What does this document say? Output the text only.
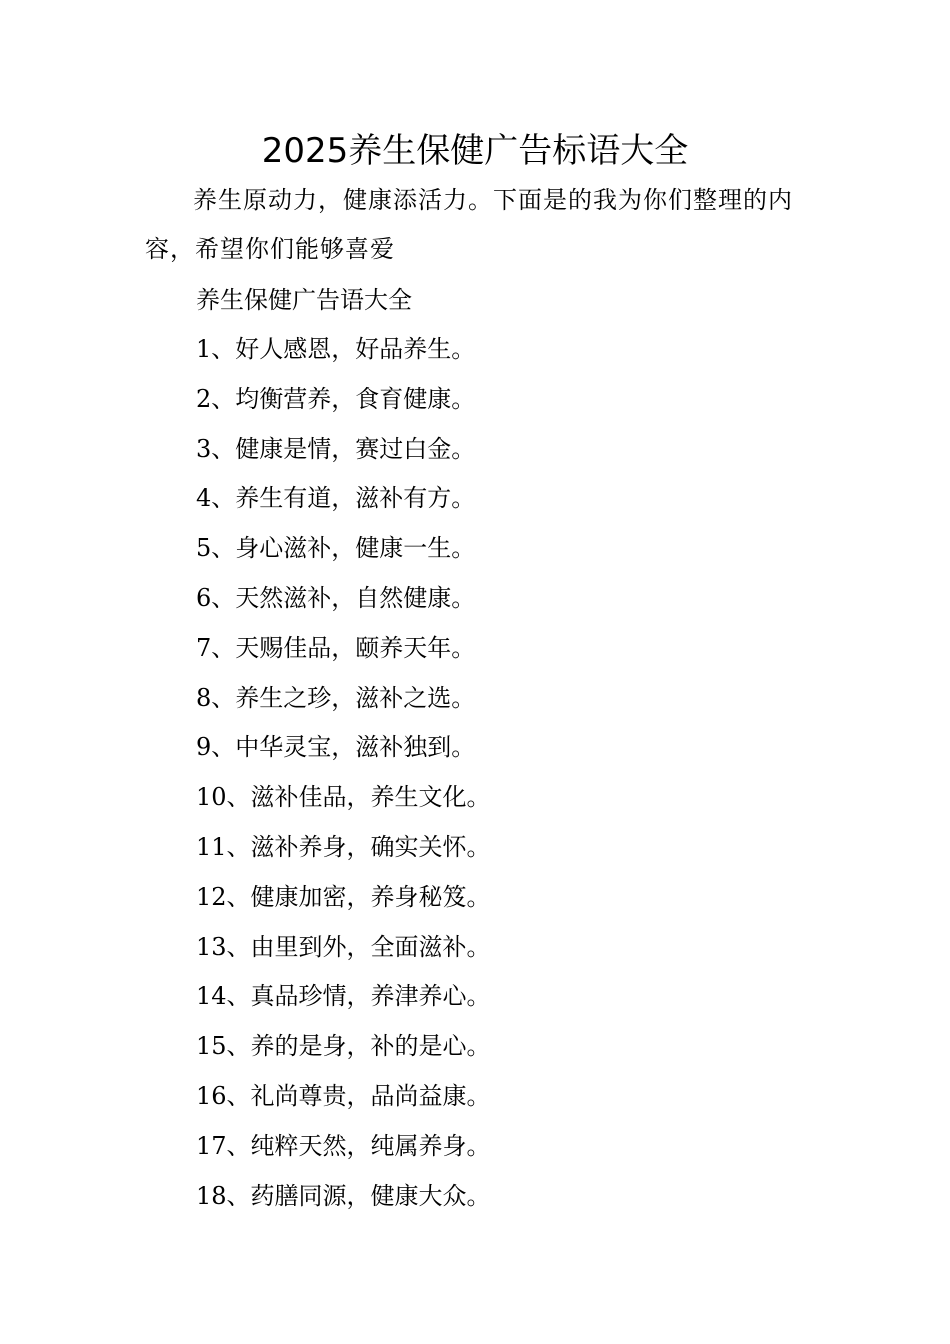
2025养生保健广告标语大全

养生原动力，健康添活力。下面是的我为你们整理的内容，希望你们能够喜爱

养生保健广告语大全
1、好人感恩，好品养生。
2、均衡营养，食育健康。
3、健康是情，赛过白金。
4、养生有道，滋补有方。
5、身心滋补，健康一生。
6、天然滋补，自然健康。
7、天赐佳品，颐养天年。
8、养生之珍，滋补之选。
9、中华灵宝，滋补独到。
10、滋补佳品，养生文化。
11、滋补养身，确实关怀。
12、健康加密，养身秘笈。
13、由里到外，全面滋补。
14、真品珍情，养津养心。
15、养的是身，补的是心。
16、礼尚尊贵，品尚益康。
17、纯粹天然，纯属养身。
18、药膳同源，健康大众。
